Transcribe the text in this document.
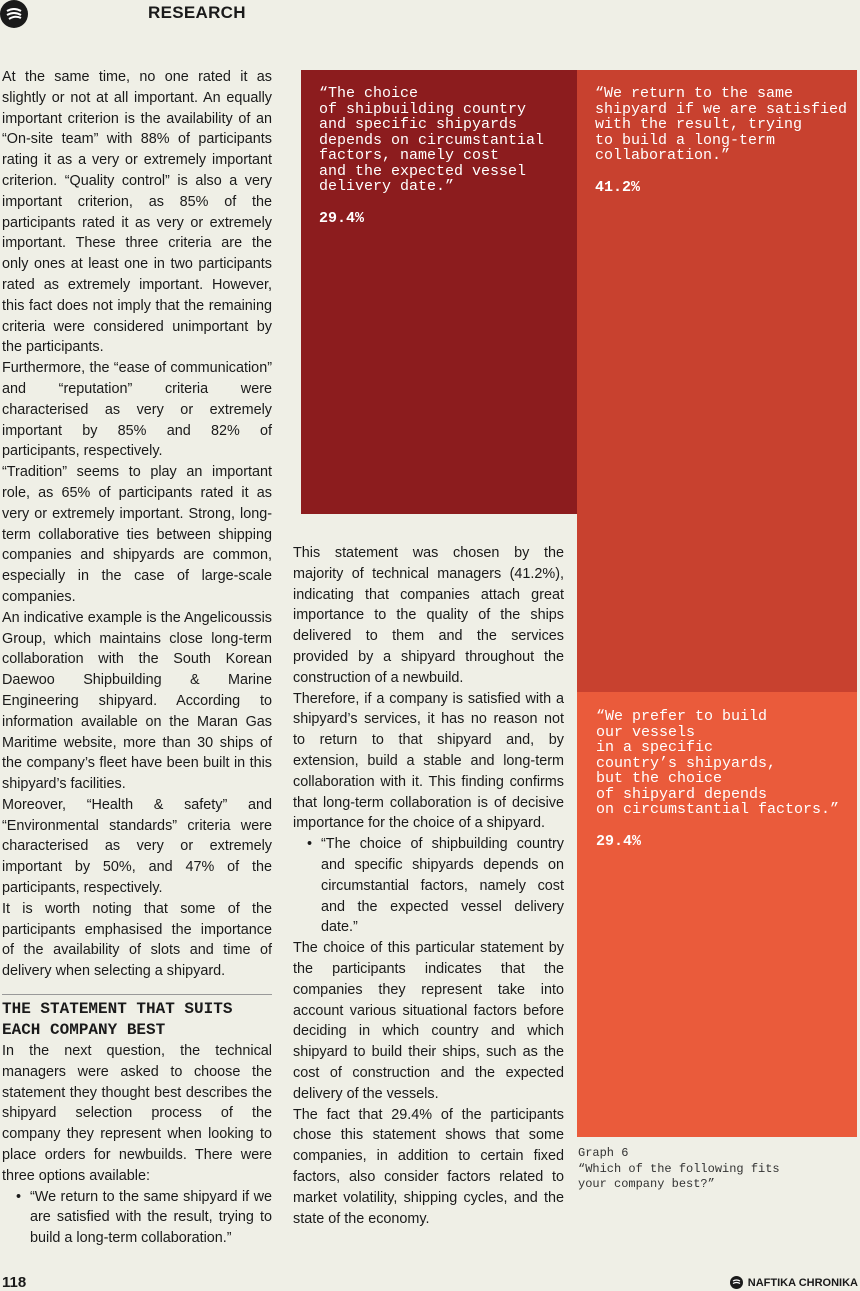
RESEARCH

At the same time, no one rated it as slightly or not at all important. An equally important criterion is the availability of an “On-site team” with 88% of participants rating it as a very or extremely important criterion. “Quality control” is also a very important criterion, as 85% of the participants rated it as very or extremely important. These three criteria are the only ones at least one in two participants rated as extremely important. However, this fact does not imply that the remaining criteria were considered unimportant by the participants.

Furthermore, the “ease of communication” and “reputation” criteria were characterised as very or extremely important by 85% and 82% of participants, respectively.

“Tradition” seems to play an important role, as 65% of participants rated it as very or extremely important. Strong, long-term collaborative ties between shipping companies and shipyards are common, especially in the case of large-scale companies.

An indicative example is the Angelicoussis Group, which maintains close long-term collaboration with the South Korean Daewoo Shipbuilding & Marine Engineering shipyard. According to information available on the Maran Gas Maritime website, more than 30 ships of the company’s fleet have been built in this shipyard’s facilities.

Moreover, “Health & safety” and “Environmental standards” criteria were characterised as very or extremely important by 50%, and 47% of the participants, respectively.

It is worth noting that some of the participants emphasised the importance of the availability of slots and time of delivery when selecting a shipyard.

THE STATEMENT THAT SUITS EACH COMPANY BEST

In the next question, the technical managers were asked to choose the statement they thought best describes the shipyard selection process of the company they represent when looking to place orders for newbuilds. There were three options available:

• “We return to the same shipyard if we are satisfied with the result, trying to build a long-term collaboration.”

This statement was chosen by the majority of technical managers (41.2%), indicating that companies attach great importance to the quality of the ships delivered to them and the services provided by a shipyard throughout the construction of a newbuild.

Therefore, if a company is satisfied with a shipyard’s services, it has no reason not to return to that shipyard and, by extension, build a stable and long-term collaboration with it. This finding confirms that long-term collaboration is of decisive importance for the choice of a shipyard.

• “The choice of shipbuilding country and specific shipyards depends on circumstantial factors, namely cost and the expected vessel delivery date.”

The choice of this particular statement by the participants indicates that the companies they represent take into account various situational factors before deciding in which country and which shipyard to build their ships, such as the cost of construction and the expected delivery of the vessels.

The fact that 29.4% of the participants chose this statement shows that some companies, in addition to certain fixed factors, also consider factors related to market volatility, shipping cycles, and the state of the economy.

“The choice
of shipbuilding country
and specific shipyards
depends on circumstantial
factors, namely cost
and the expected vessel
delivery date.”
29.4%
“We return to the same
shipyard if we are satisfied
with the result, trying
to build a long-term
collaboration.”
41.2%
“We prefer to build
our vessels
in a specific
country’s shipyards,
but the choice
of shipyard depends
on circumstantial factors.”
29.4%
Graph 6
“Which of the following fits
your company best?”
118	NAFTIKA CHRONIKA
